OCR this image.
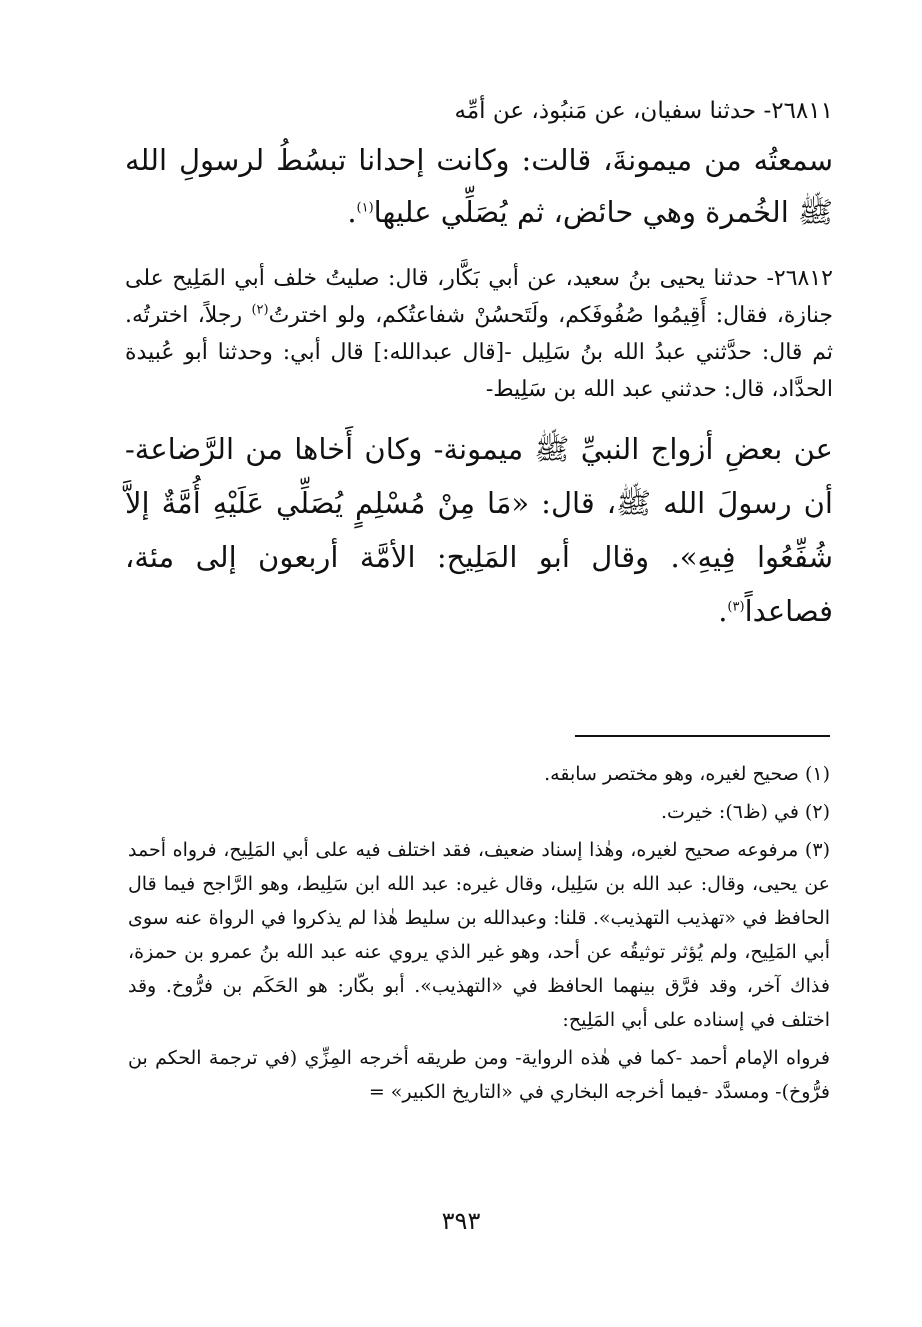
٢٦٨١١- حدثنا سفيان، عن مَنبُوذ، عن أمِّه

سمعتُه من ميمونةَ، قالت: وكانت إحدانا تبسُطُ لرسولِ الله ﷺ الخُمرة وهي حائض، ثم يُصَلِّي عليها$^{(١)}$.

٢٦٨١٢- حدثنا يحيى بنُ سعيد، عن أبي بَكَّار، قال: صليتُ خلف أبي المَلِيح على جنازة، فقال: أَقِيمُوا صُفُوفَكم، ولَتَحسُنْ شفاعتُكم، ولو اخترتُ$^{(٢)}$ رجلاً، اخترتُه. ثم قال: حدَّثني عبدُ الله بنُ سَلِيل -[قال عبدالله:] قال أبي: وحدثنا أبو عُبيدة الحدَّاد، قال: حدثني عبد الله بن سَلِيط-

عن بعضِ أزواج النبيِّ ﷺ ميمونة- وكان أَخاها من الرَّضاعة- أن رسولَ الله ﷺ، قال: «مَا مِنْ مُسْلِمٍ يُصَلِّي عَلَيْهِ أُمَّةٌ إلاَّ شُفِّعُوا فِيهِ». وقال أبو المَلِيح: الأمَّة أربعون إلى مئة، فصاعداً$^{(٣)}$.

(١) صحيح لغيره، وهو مختصر سابقه.

(٢) في (ظ٦): خيرت.

(٣) مرفوعه صحيح لغيره، وهٰذا إسناد ضعيف، فقد اختلف فيه على أبي المَلِيح، فرواه أحمد عن يحيى، وقال: عبد الله بن سَلِيل، وقال غيره: عبد الله ابن سَلِيط، وهو الرَّاجح فيما قال الحافظ في «تهذيب التهذيب». قلنا: وعبدالله بن سليط هٰذا لم يذكروا في الرواة عنه سوى أبي المَلِيح، ولم يُؤثر توثيقُه عن أحد، وهو غير الذي يروي عنه عبد الله بنُ عمرو بن حمزة، فذاك آخر، وقد فرَّق بينهما الحافظ في «التهذيب». أبو بكّار: هو الحَكَم بن فرُّوخ. وقد اختلف في إسناده على أبي المَلِيح:

فرواه الإمام أحمد -كما في هٰذه الرواية- ومن طريقه أخرجه المِزِّي (في ترجمة الحكم بن فرُّوخ)- ومسدَّد -فيما أخرجه البخاري في «التاريخ الكبير» =

٣٩٣
